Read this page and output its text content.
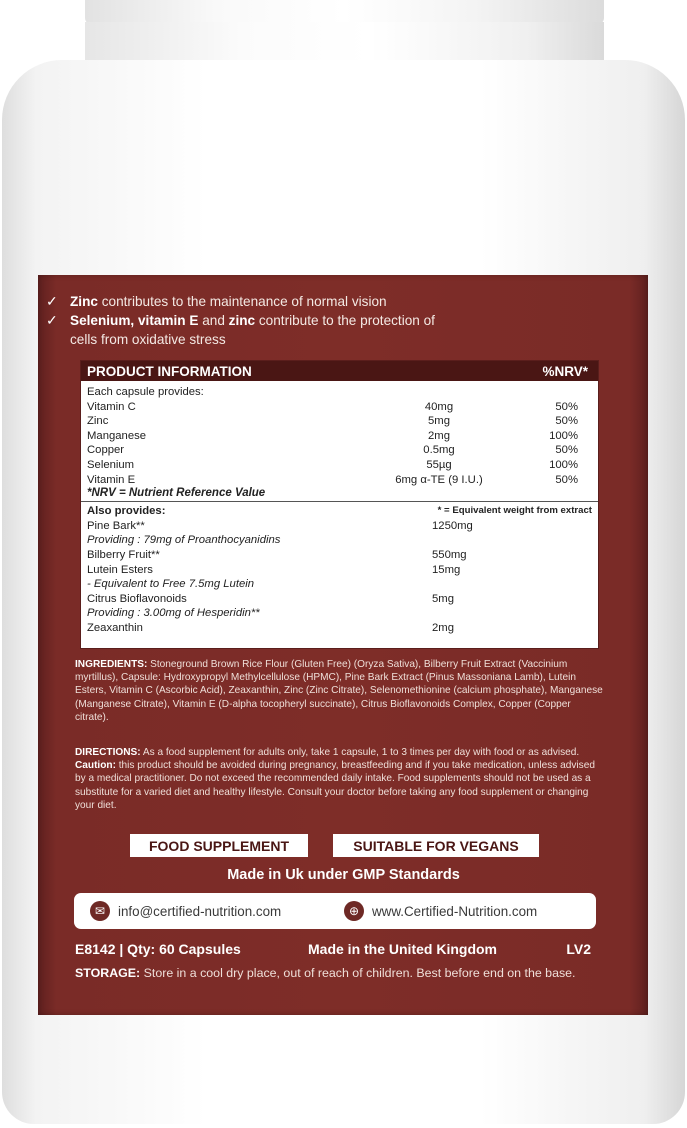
✓ Zinc contributes to the maintenance of normal vision
✓ Selenium, vitamin E and zinc contribute to the protection of
cells from oxidative stress
PRODUCT INFORMATION	%NRV*
Each capsule provides:
Vitamin C	40mg	50%
Zinc	5mg	50%
Manganese	2mg	100%
Copper	0.5mg	50%
Selenium	55µg	100%
Vitamin E	6mg α-TE (9 I.U.)	50%
*NRV = Nutrient Reference Value
Also provides:	* = Equivalent weight from extract
Pine Bark**	1250mg
Providing : 79mg of Proanthocyanidins
Bilberry Fruit**	550mg
Lutein Esters	15mg
- Equivalent to Free 7.5mg Lutein
Citrus Bioflavonoids	5mg
Providing : 3.00mg of Hesperidin**
Zeaxanthin	2mg
INGREDIENTS: Stoneground Brown Rice Flour (Gluten Free) (Oryza Sativa), Bilberry Fruit Extract (Vaccinium myrtillus), Capsule: Hydroxypropyl Methylcellulose (HPMC), Pine Bark Extract (Pinus Massoniana Lamb), Lutein Esters, Vitamin C (Ascorbic Acid), Zeaxanthin, Zinc (Zinc Citrate), Selenomethionine (calcium phosphate), Manganese (Manganese Citrate), Vitamin E (D-alpha tocopheryl succinate), Citrus Bioflavonoids Complex, Copper (Copper citrate).
DIRECTIONS: As a food supplement for adults only, take 1 capsule, 1 to 3 times per day with food or as advised. Caution: this product should be avoided during pregnancy, breastfeeding and if you take medication, unless advised by a medical practitioner. Do not exceed the recommended daily intake. Food supplements should not be used as a substitute for a varied diet and healthy lifestyle. Consult your doctor before taking any food supplement or changing your diet.
FOOD SUPPLEMENT	SUITABLE FOR VEGANS
Made in Uk under GMP Standards
✉ info@certified-nutrition.com	⊕ www.Certified-Nutrition.com
E8142 | Qty: 60 Capsules	Made in the United Kingdom	LV2
STORAGE: Store in a cool dry place, out of reach of children. Best before end on the base.
